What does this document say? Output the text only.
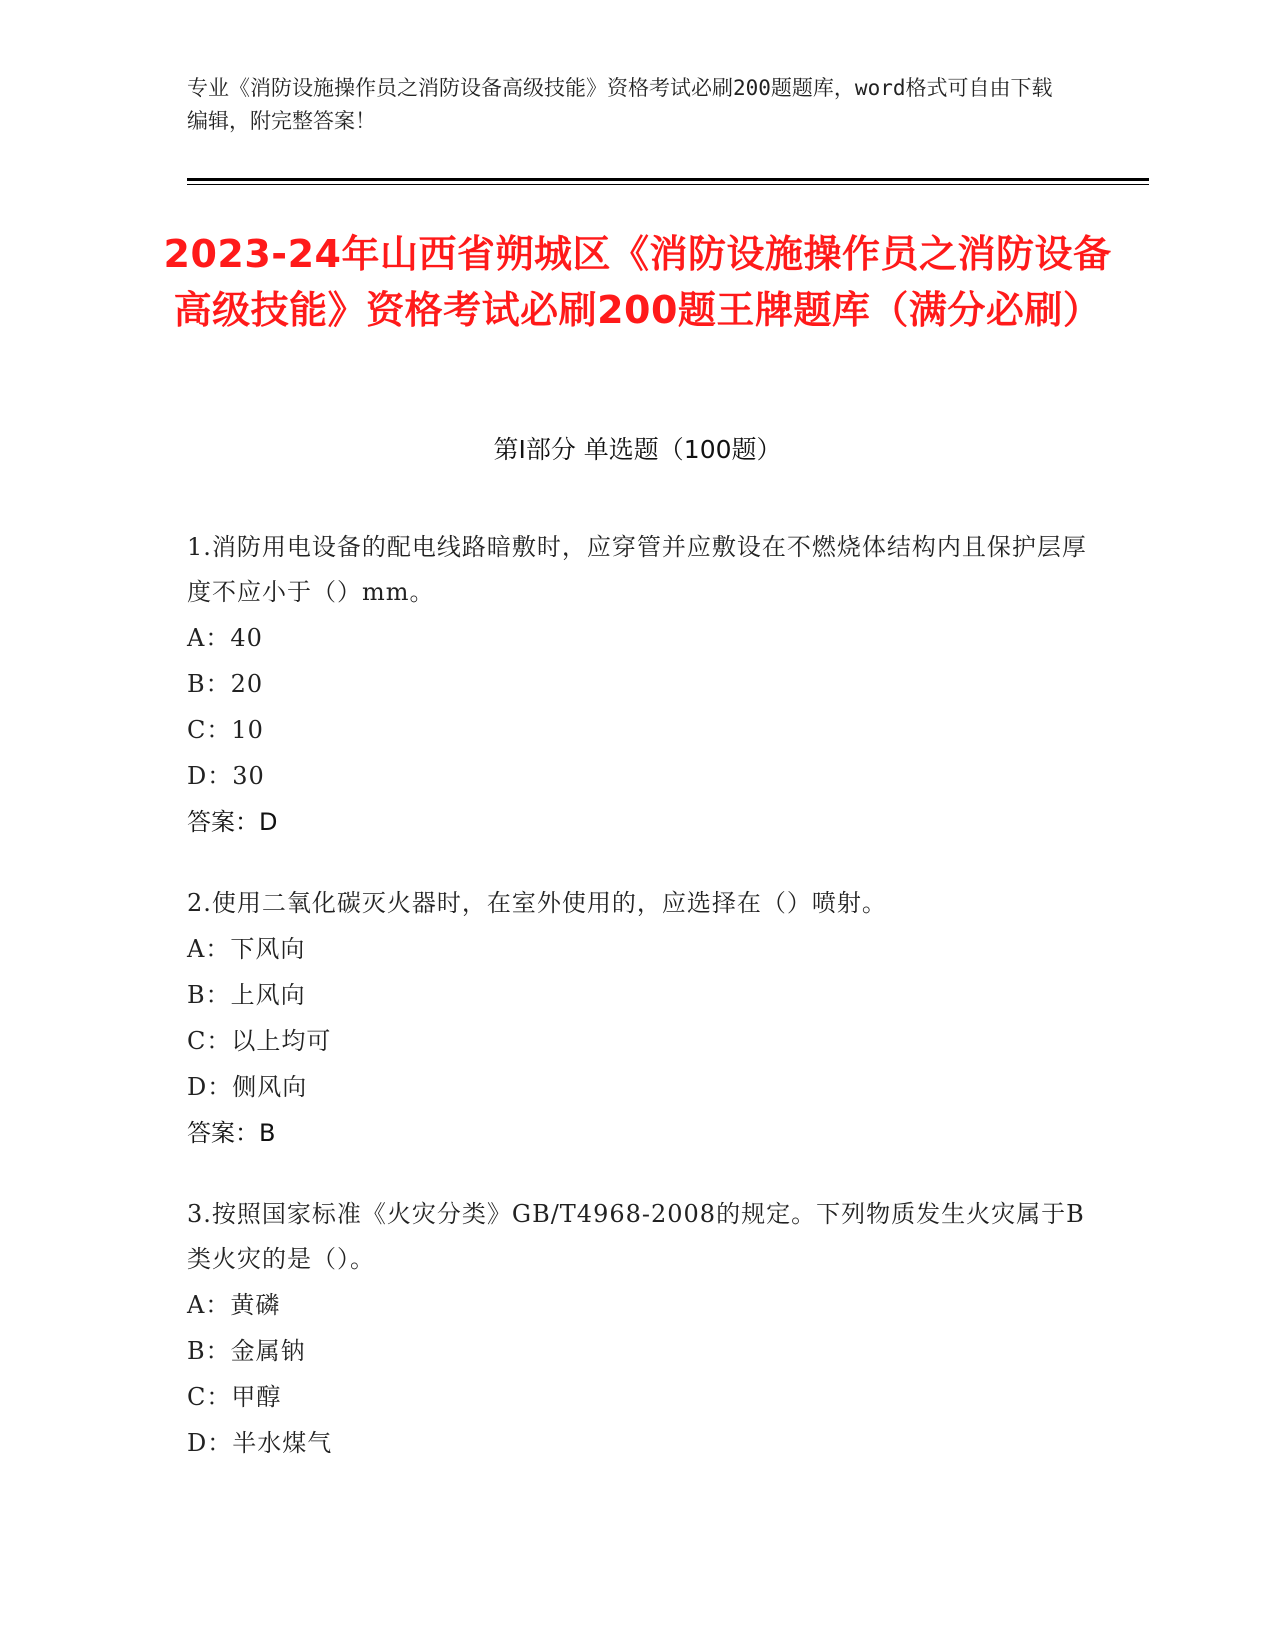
专业《消防设施操作员之消防设备高级技能》资格考试必刷200题题库，word格式可自由下载编辑，附完整答案！
2023-24年山西省朔城区《消防设施操作员之消防设备高级技能》资格考试必刷200题王牌题库（满分必刷）
第I部分 单选题（100题）
1.消防用电设备的配电线路暗敷时，应穿管并应敷设在不燃烧体结构内且保护层厚度不应小于（）mm。
A：40
B：20
C：10
D：30
答案：D
2.使用二氧化碳灭火器时，在室外使用的，应选择在（）喷射。
A：下风向
B：上风向
C：以上均可
D：侧风向
答案：B
3.按照国家标准《火灾分类》GB/T4968-2008的规定。下列物质发生火灾属于B类火灾的是（）。
A：黄磷
B：金属钠
C：甲醇
D：半水煤气
